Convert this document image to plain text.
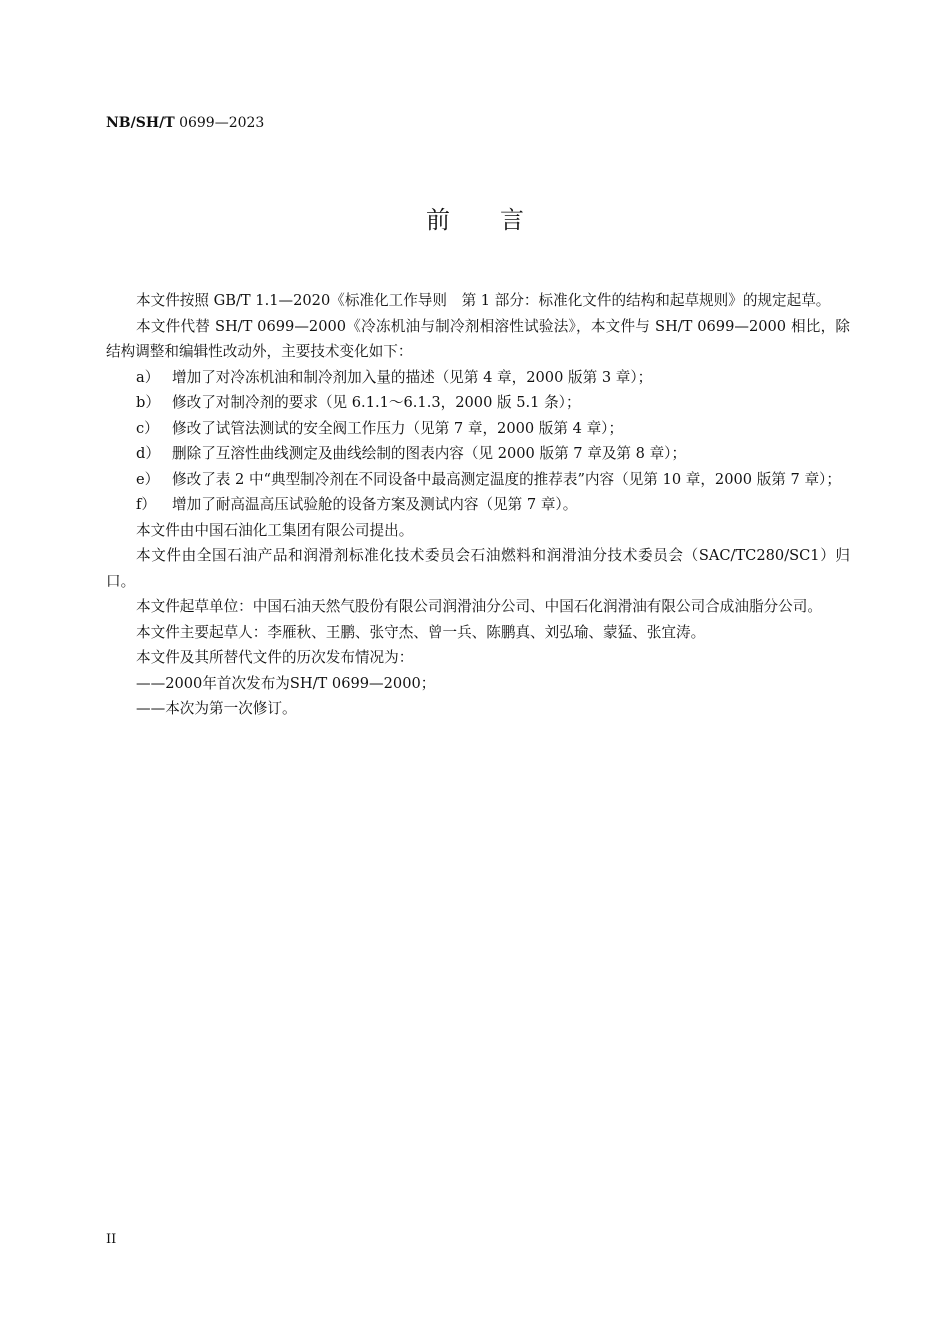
NB/SH/T 0699—2023
前言

本文件按照 GB/T 1.1—2020《标准化工作导则　第 1 部分：标准化文件的结构和起草规则》的规定起草。

本文件代替 SH/T 0699—2000《冷冻机油与制冷剂相溶性试验法》，本文件与 SH/T 0699—2000 相比，除结构调整和编辑性改动外，主要技术变化如下：

a） 增加了对冷冻机油和制冷剂加入量的描述（见第 4 章，2000 版第 3 章）；

b） 修改了对制冷剂的要求（见 6.1.1～6.1.3，2000 版 5.1 条）；

c） 修改了试管法测试的安全阀工作压力（见第 7 章，2000 版第 4 章）；

d） 删除了互溶性曲线测定及曲线绘制的图表内容（见 2000 版第 7 章及第 8 章）；

e） 修改了表 2 中“典型制冷剂在不同设备中最高测定温度的推荐表”内容（见第 10 章，2000 版第 7 章）；

f） 增加了耐高温高压试验舱的设备方案及测试内容（见第 7 章）。

本文件由中国石油化工集团有限公司提出。

本文件由全国石油产品和润滑剂标准化技术委员会石油燃料和润滑油分技术委员会（SAC/TC280/SC1）归口。

本文件起草单位：中国石油天然气股份有限公司润滑油分公司、中国石化润滑油有限公司合成油脂分公司。

本文件主要起草人：李雁秋、王鹏、张守杰、曾一兵、陈鹏真、刘弘瑜、蒙猛、张宜涛。

本文件及其所替代文件的历次发布情况为：

——2000年首次发布为SH/T 0699—2000；

——本次为第一次修订。

II
